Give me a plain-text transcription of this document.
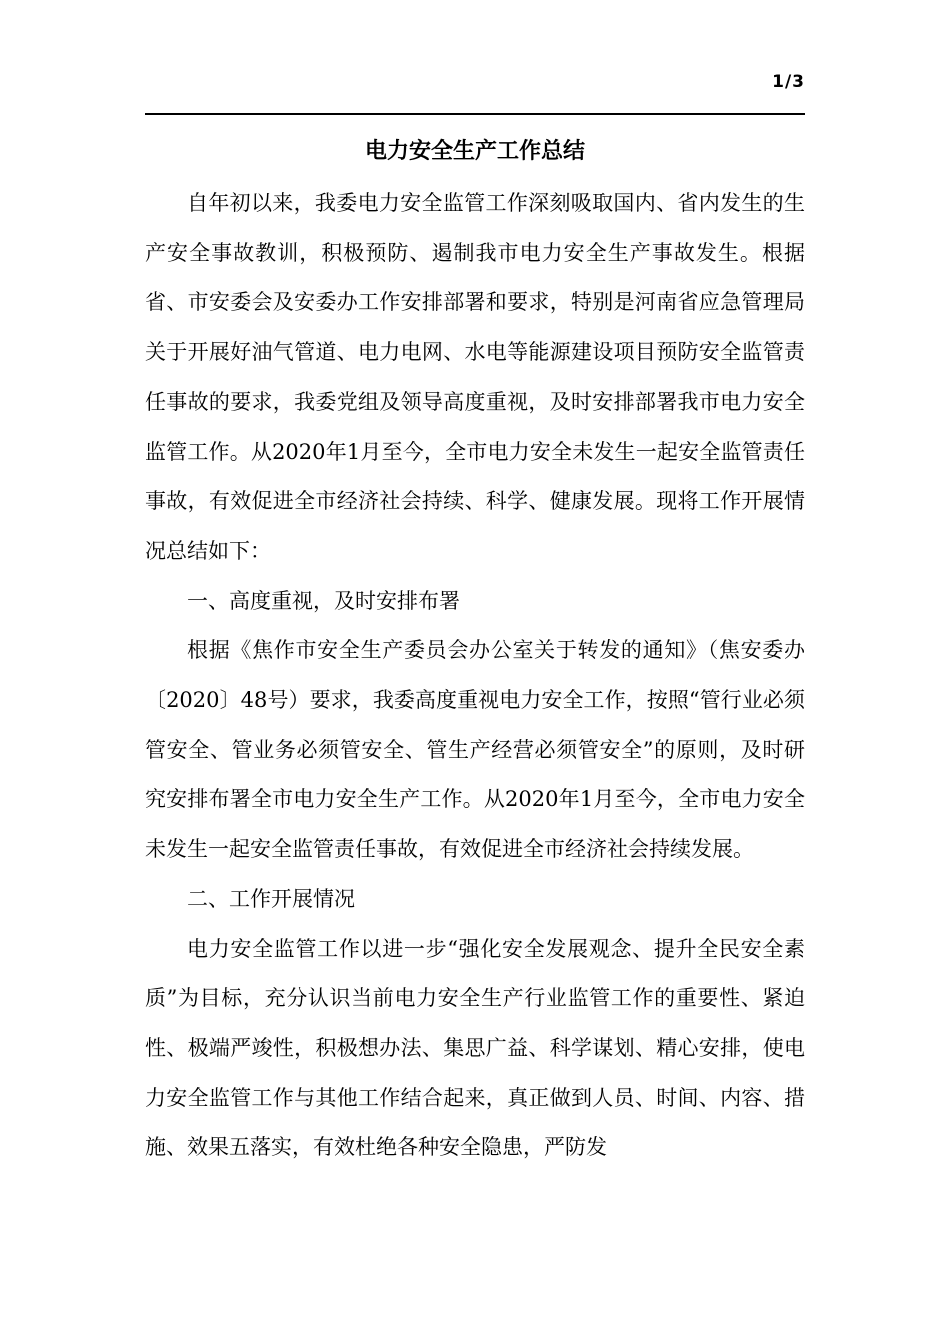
1/3
电力安全生产工作总结

自年初以来，我委电力安全监管工作深刻吸取国内、省内发生的生产安全事故教训，积极预防、遏制我市电力安全生产事故发生。根据省、市安委会及安委办工作安排部署和要求，特别是河南省应急管理局关于开展好油气管道、电力电网、水电等能源建设项目预防安全监管责任事故的要求，我委党组及领导高度重视，及时安排部署我市电力安全监管工作。从2020年1月至今，全市电力安全未发生一起安全监管责任事故，有效促进全市经济社会持续、科学、健康发展。现将工作开展情况总结如下：

一、高度重视，及时安排布署

根据《焦作市安全生产委员会办公室关于转发的通知》（焦安委办〔2020〕48号）要求，我委高度重视电力安全工作，按照“管行业必须管安全、管业务必须管安全、管生产经营必须管安全”的原则，及时研究安排布署全市电力安全生产工作。从2020年1月至今，全市电力安全未发生一起安全监管责任事故，有效促进全市经济社会持续发展。

二、工作开展情况

电力安全监管工作以进一步“强化安全发展观念、提升全民安全素质”为目标，充分认识当前电力安全生产行业监管工作的重要性、紧迫性、极端严竣性，积极想办法、集思广益、科学谋划、精心安排，使电力安全监管工作与其他工作结合起来，真正做到人员、时间、内容、措施、效果五落实，有效杜绝各种安全隐患，严防发
